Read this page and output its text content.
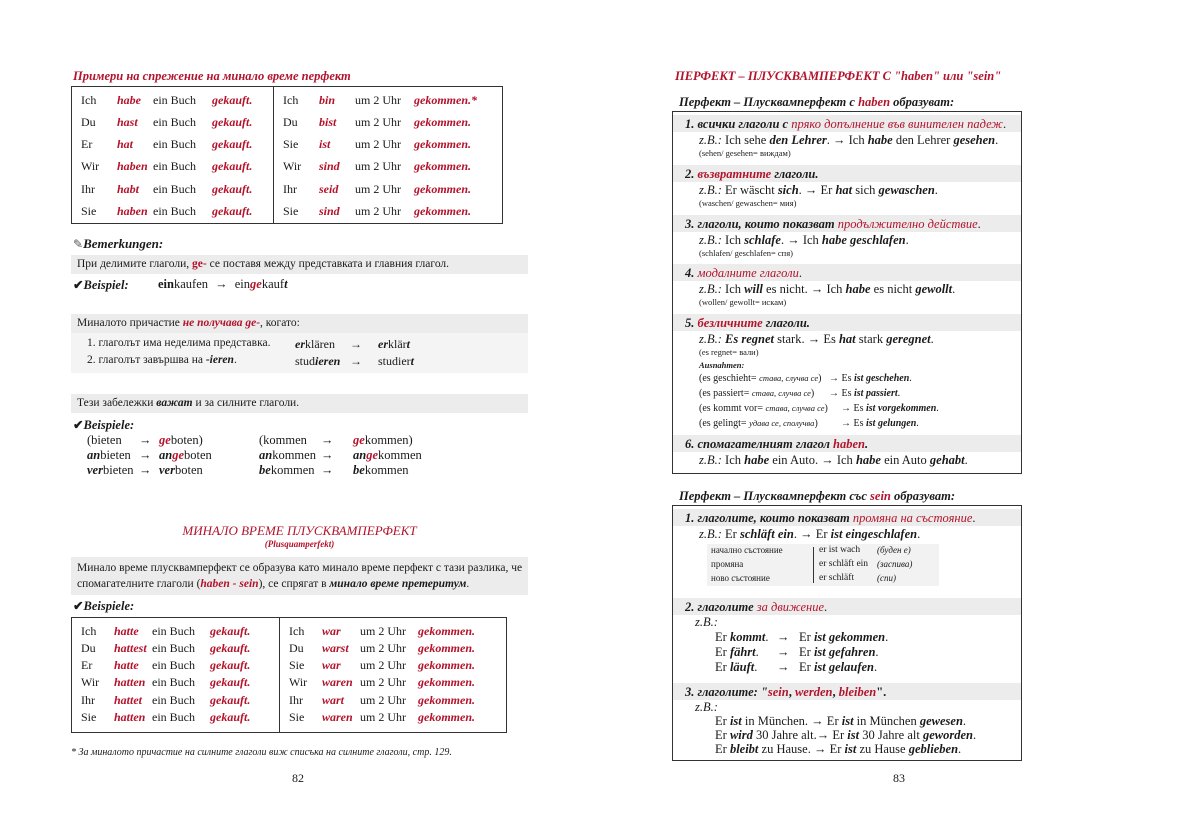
Примери на спрежение на минало време перфект
Ich habe ein Buch gekauft.
Du hast ein Buch gekauft.
Er hat ein Buch gekauft.
Wir haben ein Buch gekauft.
Ihr habt ein Buch gekauft.
Sie haben ein Buch gekauft.
Ich bin um 2 Uhr gekommen.*
Du bist um 2 Uhr gekommen.
Sie ist um 2 Uhr gekommen.
Wir sind um 2 Uhr gekommen.
Ihr seid um 2 Uhr gekommen.
Sie sind um 2 Uhr gekommen.
✎Bemerkungen:
При делимите глаголи, ge- се поставя между представката и главния глагол.
✔Beispiel: einkaufen → eingekauft
Миналото причастие не получава ge-, когато:
1. глаголът има неделима представка. erklären → erklärt
2. глаголът завършва на -ieren.	studieren → studiert
Тези забележки важат и за силните глаголи.
✔Beispiele:
(bieten → geboten)	(kommen → gekommen)
anbieten → angeboten	ankommen → angekommen
verbieten → verboten	bekommen → bekommen
МИНАЛО ВРЕМЕ ПЛУСКВАМПЕРФЕКТ
(Plusquamperfekt)
Минало време плусквамперфект се образува като минало време перфект с тази разлика, че
спомагателните глаголи (haben - sein), се спрягат в минало време претеритум.
✔Beispiele:
Ich hatte ein Buch gekauft.
Du hattest ein Buch gekauft.
Er hatte ein Buch gekauft.
Wir hatten ein Buch gekauft.
Ihr hattet ein Buch gekauft.
Sie hatten ein Buch gekauft.
Ich war um 2 Uhr gekommen.
Du warst um 2 Uhr gekommen.
Sie war um 2 Uhr gekommen.
Wir waren um 2 Uhr gekommen.
Ihr wart um 2 Uhr gekommen.
Sie waren um 2 Uhr gekommen.
* За миналото причастие на силните глаголи виж списъка на силните глаголи, стр. 129.
82
ПЕРФЕКТ – ПЛУСКВАМПЕРФЕКТ С "haben" или "sein"
Перфект – Плусквамперфект с haben образуват:
1. всички глаголи с пряко допълнение във винителен падеж.
z.B.: Ich sehe den Lehrer. → Ich habe den Lehrer gesehen.
(sehen/ gesehen= виждам)
2. възвратните глаголи.
z.B.: Er wäscht sich. → Er hat sich gewaschen.
(waschen/ gewaschen= мия)
3. глаголи, които показват продължително действие.
z.B.: Ich schlafe. → Ich habe geschlafen.
(schlafen/ geschlafen= спя)
4. модалните глаголи.
z.B.: Ich will es nicht. → Ich habe es nicht gewollt.
(wollen/ gewollt= искам)
5. безличните глаголи.
z.B.: Es regnet stark. → Es hat stark geregnet.
(es regnet= вали)
Ausnahmen:
(es geschieht= става, случва се) → Es ist geschehen.
(es passiert= става, случва се) → Es ist passiert.
(es kommt vor= става, случва се) → Es ist vorgekommen.
(es gelingt= удава се, сполучва) → Es ist gelungen.
6. спомагателният глагол haben.
z.B.: Ich habe ein Auto. → Ich habe ein Auto gehabt.
Перфект – Плусквамперфект със sein образуват:
1. глаголите, които показват промяна на състояние.
z.B.: Er schläft ein. → Er ist eingeschlafen.
начално състояние	er ist wach (буден е)
промяна	er schläft ein (заспива)
ново състояние	er schläft	(спи)
2. глаголите за движение.
z.B.:
Er kommt. → Er ist gekommen.
Er fährt. → Er ist gefahren.
Er läuft. → Er ist gelaufen.
3. глаголите: "sein, werden, bleiben".
z.B.:
Er ist in München. → Er ist in München gewesen.
Er wird 30 Jahre alt.→ Er ist 30 Jahre alt geworden.
Er bleibt zu Hause. → Er ist zu Hause geblieben.
83
